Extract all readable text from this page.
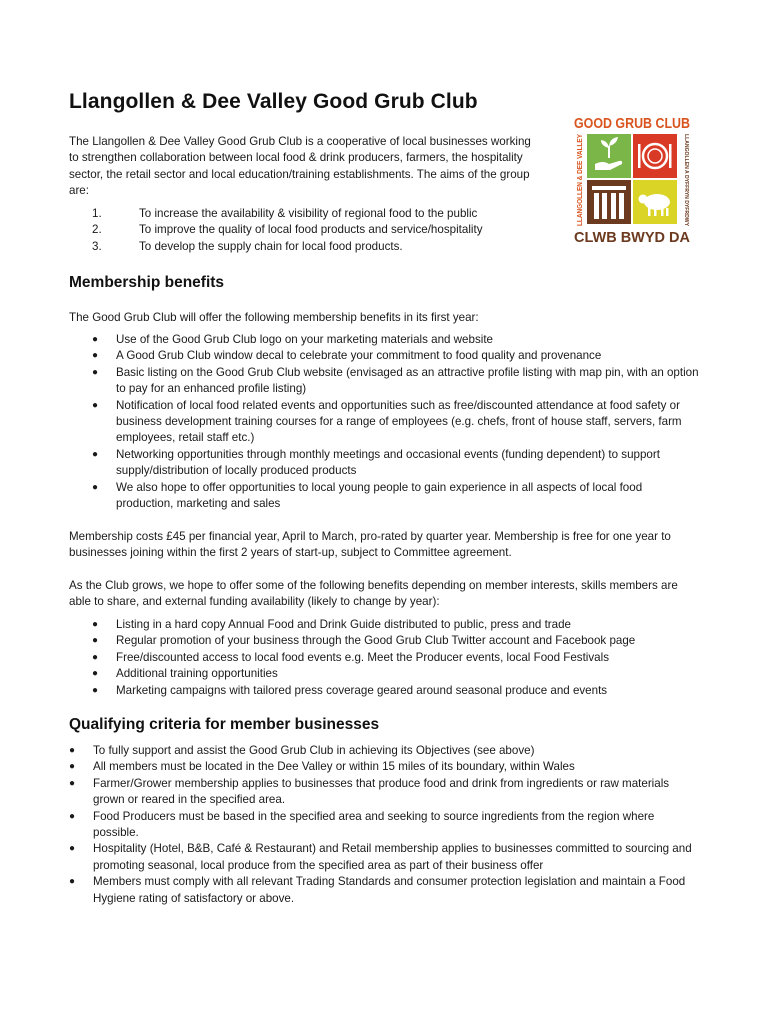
Llangollen & Dee Valley Good Grub Club

The Llangollen & Dee Valley Good Grub Club is a cooperative of local businesses working to strengthen collaboration between local food & drink producers, farmers, the hospitality sector, the retail sector and local education/training establishments. The aims of the group are:

1.	To increase the availability & visibility of regional food to the public
2.	To improve the quality of local food products and service/hospitality
3.	To develop the supply chain for local food products.
GOOD GRUB CLUB
CLWB BWYD DA
LLANGOLLEN & DEE VALLEY	LLANGOLLEN A DYFFRYN DYFRDWY
Membership benefits

The Good Grub Club will offer the following membership benefits in its first year:

● Use of the Good Grub Club logo on your marketing materials and website
● A Good Grub Club window decal to celebrate your commitment to food quality and provenance
● Basic listing on the Good Grub Club website (envisaged as an attractive profile listing with map pin, with an option to pay for an enhanced profile listing)
● Notification of local food related events and opportunities such as free/discounted attendance at food safety or business development training courses for a range of employees (e.g. chefs, front of house staff, servers, farm employees, retail staff etc.)
● Networking opportunities through monthly meetings and occasional events (funding dependent) to support supply/distribution of locally produced products
● We also hope to offer opportunities to local young people to gain experience in all aspects of local food production, marketing and sales

Membership costs £45 per financial year, April to March, pro-rated by quarter year. Membership is free for one year to businesses joining within the first 2 years of start-up, subject to Committee agreement.

As the Club grows, we hope to offer some of the following benefits depending on member interests, skills members are able to share, and external funding availability (likely to change by year):

● Listing in a hard copy Annual Food and Drink Guide distributed to public, press and trade
● Regular promotion of your business through the Good Grub Club Twitter account and Facebook page
● Free/discounted access to local food events e.g. Meet the Producer events, local Food Festivals
● Additional training opportunities
● Marketing campaigns with tailored press coverage geared around seasonal produce and events
Qualifying criteria for member businesses
● To fully support and assist the Good Grub Club in achieving its Objectives (see above)
● All members must be located in the Dee Valley or within 15 miles of its boundary, within Wales
● Farmer/Grower membership applies to businesses that produce food and drink from ingredients or raw materials grown or reared in the specified area.
● Food Producers must be based in the specified area and seeking to source ingredients from the region where possible.
● Hospitality (Hotel, B&B, Café & Restaurant) and Retail membership applies to businesses committed to sourcing and promoting seasonal, local produce from the specified area as part of their business offer
● Members must comply with all relevant Trading Standards and consumer protection legislation and maintain a Food Hygiene rating of satisfactory or above.
